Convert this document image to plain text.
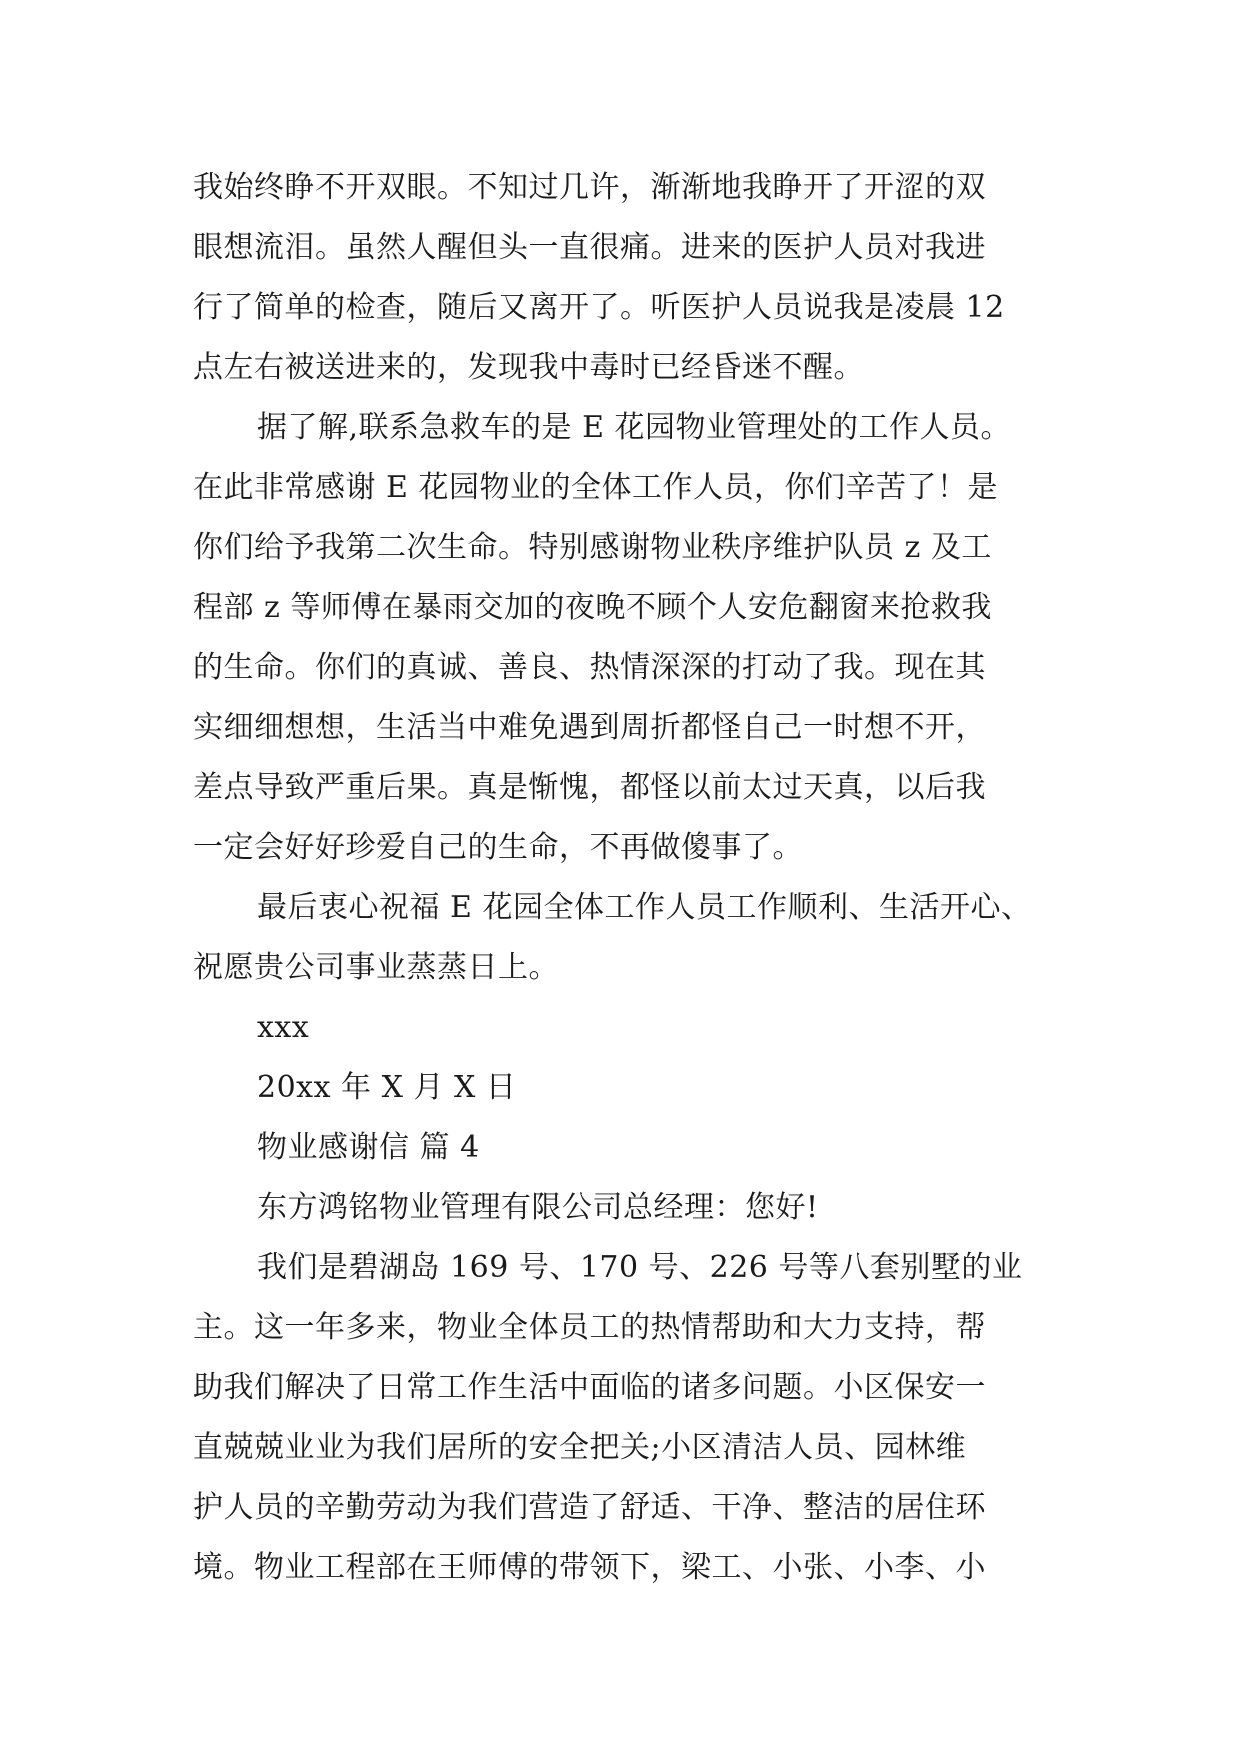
我始终睁不开双眼。不知过几许，渐渐地我睁开了开涩的双
眼想流泪。虽然人醒但头一直很痛。进来的医护人员对我进
行了简单的检查，随后又离开了。听医护人员说我是凌晨 12
点左右被送进来的，发现我中毒时已经昏迷不醒。
据了解,联系急救车的是 E 花园物业管理处的工作人员。
在此非常感谢 E 花园物业的全体工作人员，你们辛苦了！是
你们给予我第二次生命。特别感谢物业秩序维护队员 z 及工
程部 z 等师傅在暴雨交加的夜晚不顾个人安危翻窗来抢救我
的生命。你们的真诚、善良、热情深深的打动了我。现在其
实细细想想，生活当中难免遇到周折都怪自己一时想不开，
差点导致严重后果。真是惭愧，都怪以前太过天真，以后我
一定会好好珍爱自己的生命，不再做傻事了。
最后衷心祝福 E 花园全体工作人员工作顺利、生活开心、
祝愿贵公司事业蒸蒸日上。
xxx
20xx 年 X 月 X 日
物业感谢信 篇 4
东方鸿铭物业管理有限公司总经理：您好!
我们是碧湖岛 169 号、170 号、226 号等八套别墅的业
主。这一年多来，物业全体员工的热情帮助和大力支持，帮
助我们解决了日常工作生活中面临的诸多问题。小区保安一
直兢兢业业为我们居所的安全把关;小区清洁人员、园林维
护人员的辛勤劳动为我们营造了舒适、干净、整洁的居住环
境。物业工程部在王师傅的带领下，梁工、小张、小李、小
